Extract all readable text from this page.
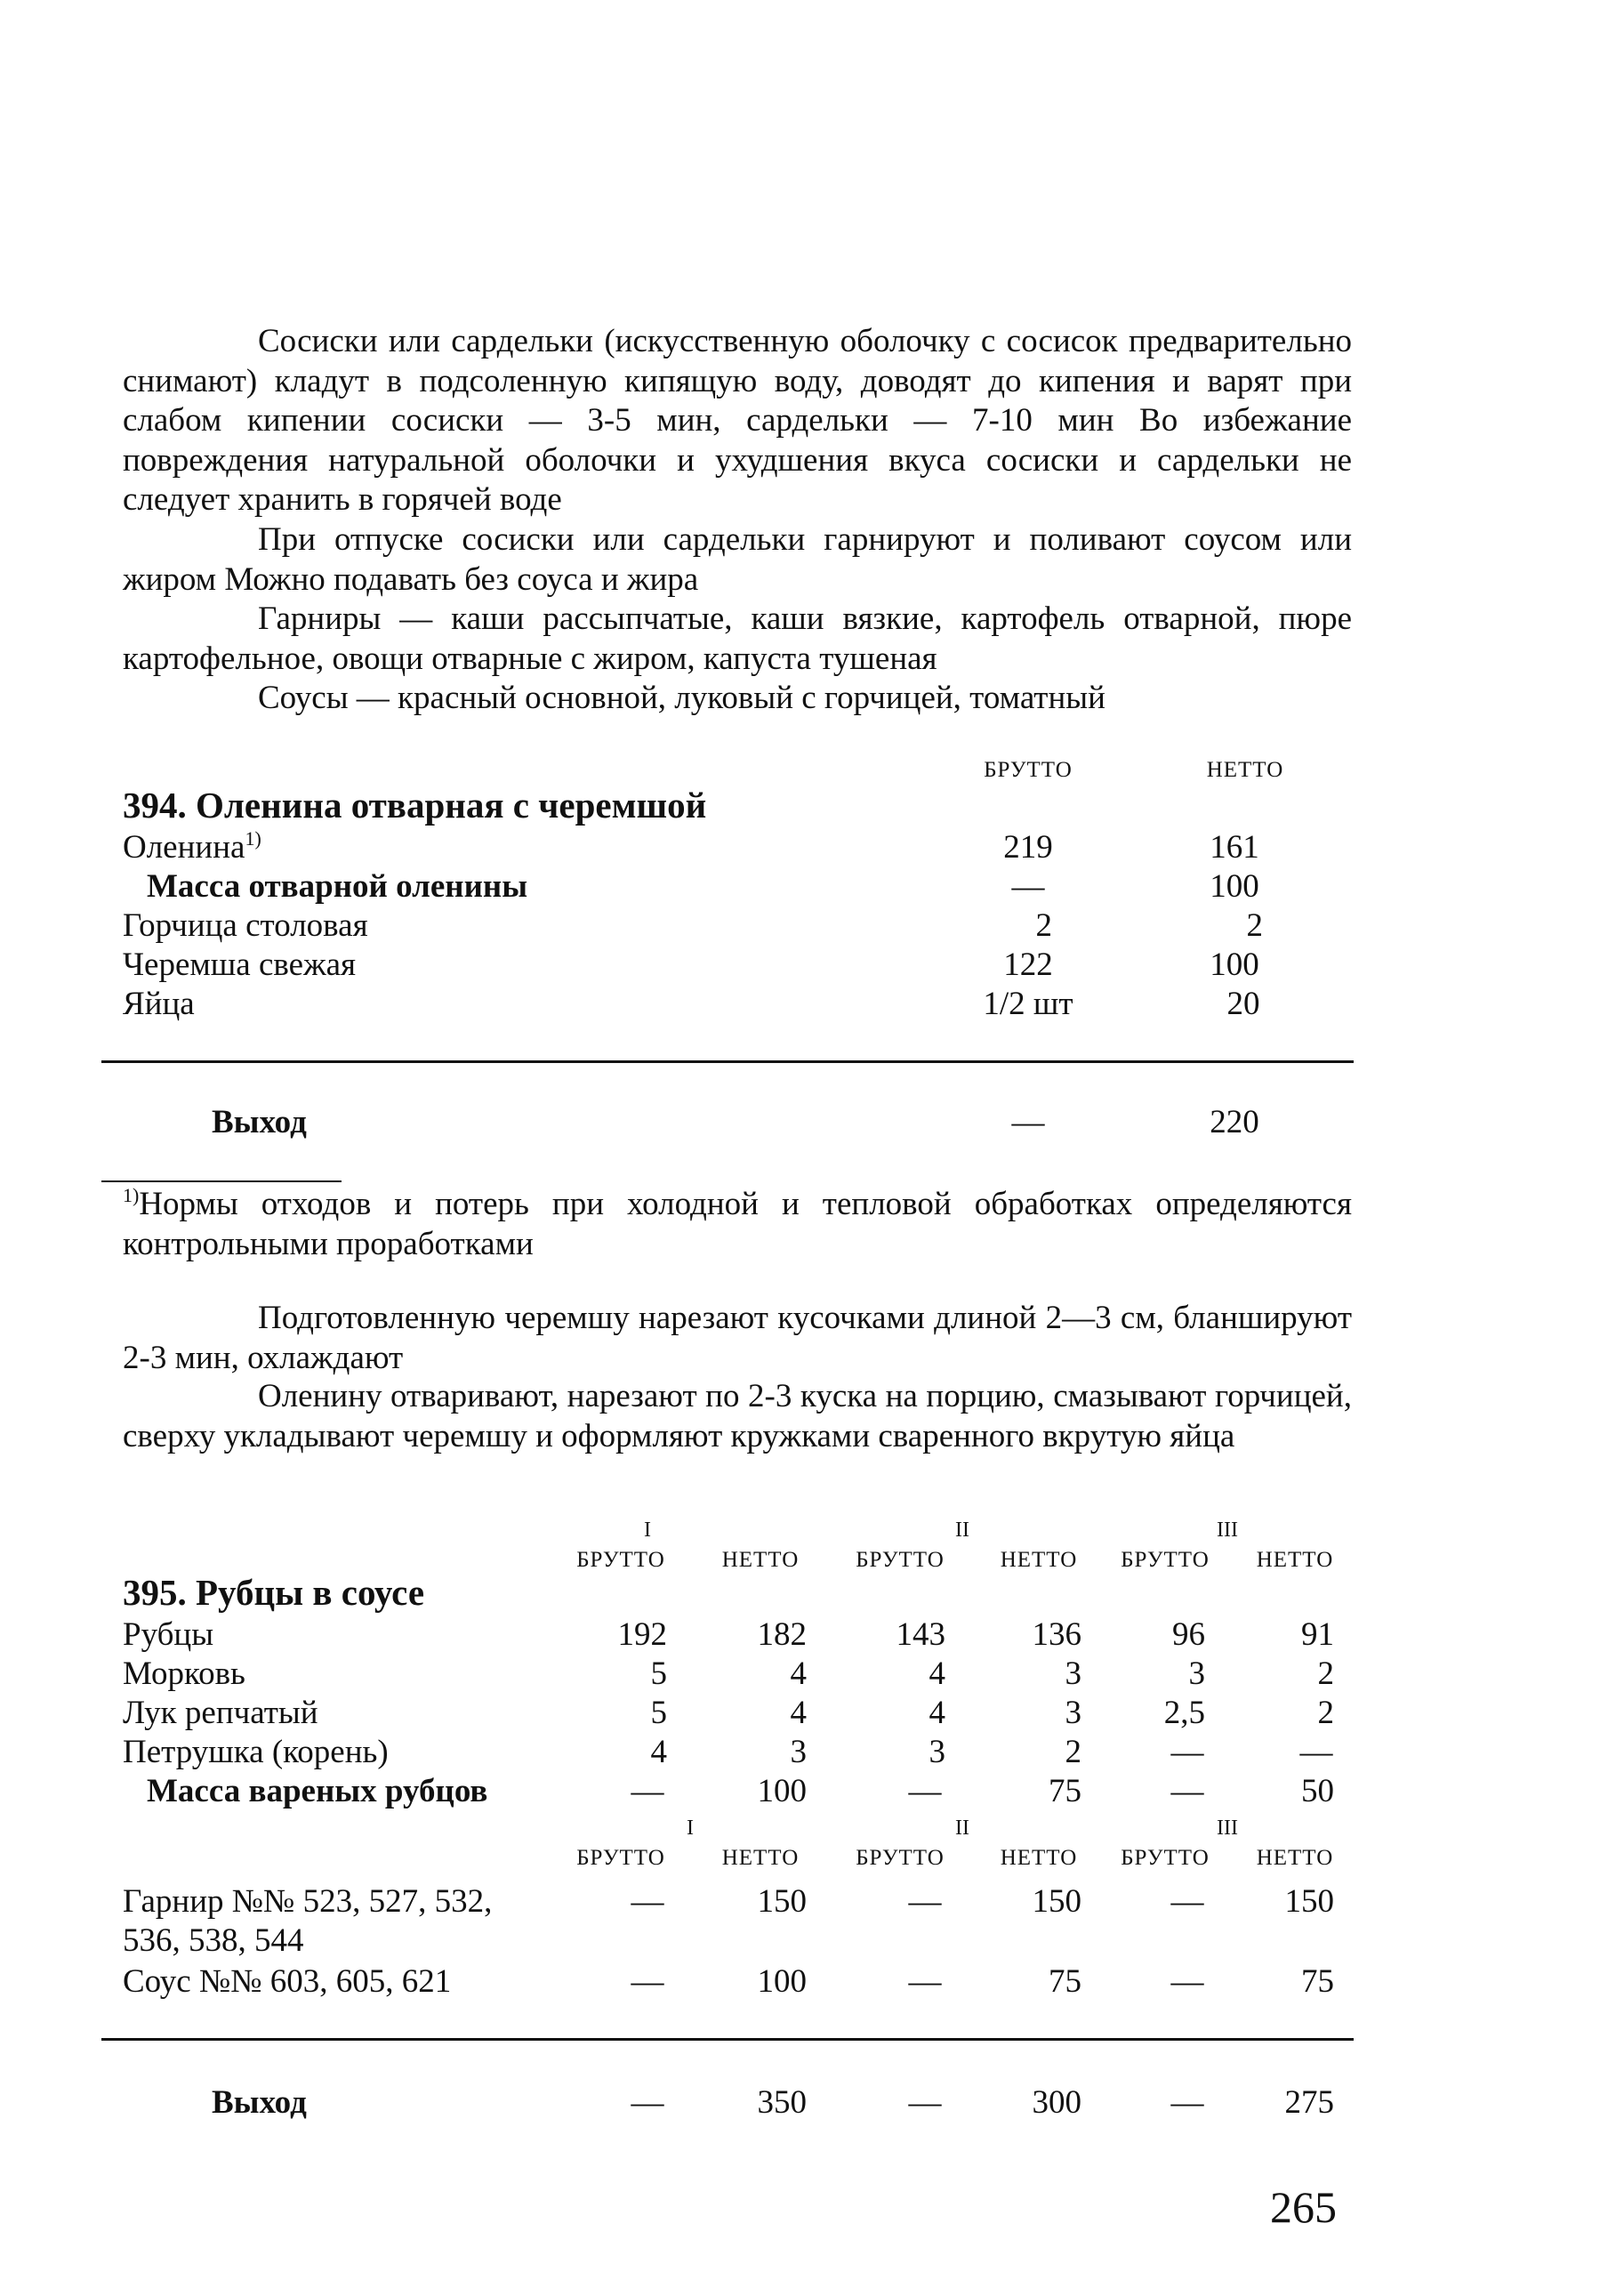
Сосиски или сардельки (искусственную оболочку с сосисок предварительно снимают) кладут в подсоленную кипящую воду, доводят до кипения и варят при слабом кипении сосиски — 3-5 мин, сардельки — 7-10 мин Во избежание повреждения натуральной оболочки и ухудшения вкуса сосиски и сардельки не следует хранить в горячей воде

При отпуске сосиски или сардельки гарнируют и поливают соусом или жиром Можно подавать без соуса и жира

Гарниры — каши рассыпчатые, каши вязкие, картофель отварной, пюре картофельное, овощи отварные с жиром, капуста тушеная

Соусы — красный основной, луковый с горчицей, томатный

БРУТТО	НЕТТО
394. Оленина отварная с черемшой
Оленина$^{1)}$	219	161
Масса отварной оленины	—	100
Горчица столовая	2	2
Черемша свежая	122	100
Яйца	1/2 шт	20
Выход	—	220

$^{1)}$Нормы отходов и потерь при холодной и тепловой обработках определяются контрольными проработками

Подготовленную черемшу нарезают кусочками длиной 2—3 см, бланшируют 2-3 мин, охлаждают

Оленину отваривают, нарезают по 2-3 куска на порцию, смазывают горчицей, сверху укладывают черемшу и оформляют кружками сваренного вкрутую яйца

I	II	III
БРУТТО	НЕТТО	БРУТТО	НЕТТО БРУТТО НЕТТО
395. Рубцы в соусе
Рубцы	192	182	143	136	96	91
Морковь	5	4	4	3	3	2
Лук репчатый	5	4	4	3	2,5	2
Петрушка (корень)	4	3	3	2	—	—
Масса вареных рубцов	—	100	—	75	—	50
I	II	III
БРУТТО	НЕТТО	БРУТТО	НЕТТО БРУТТО НЕТТО
Гарнир №№ 523, 527, 532,
536, 538, 544
—	150	—	150	— 150
Соус №№ 603, 605, 621	—	100	—	75	—	75
Выход	—	350	—	300	— 275
265
